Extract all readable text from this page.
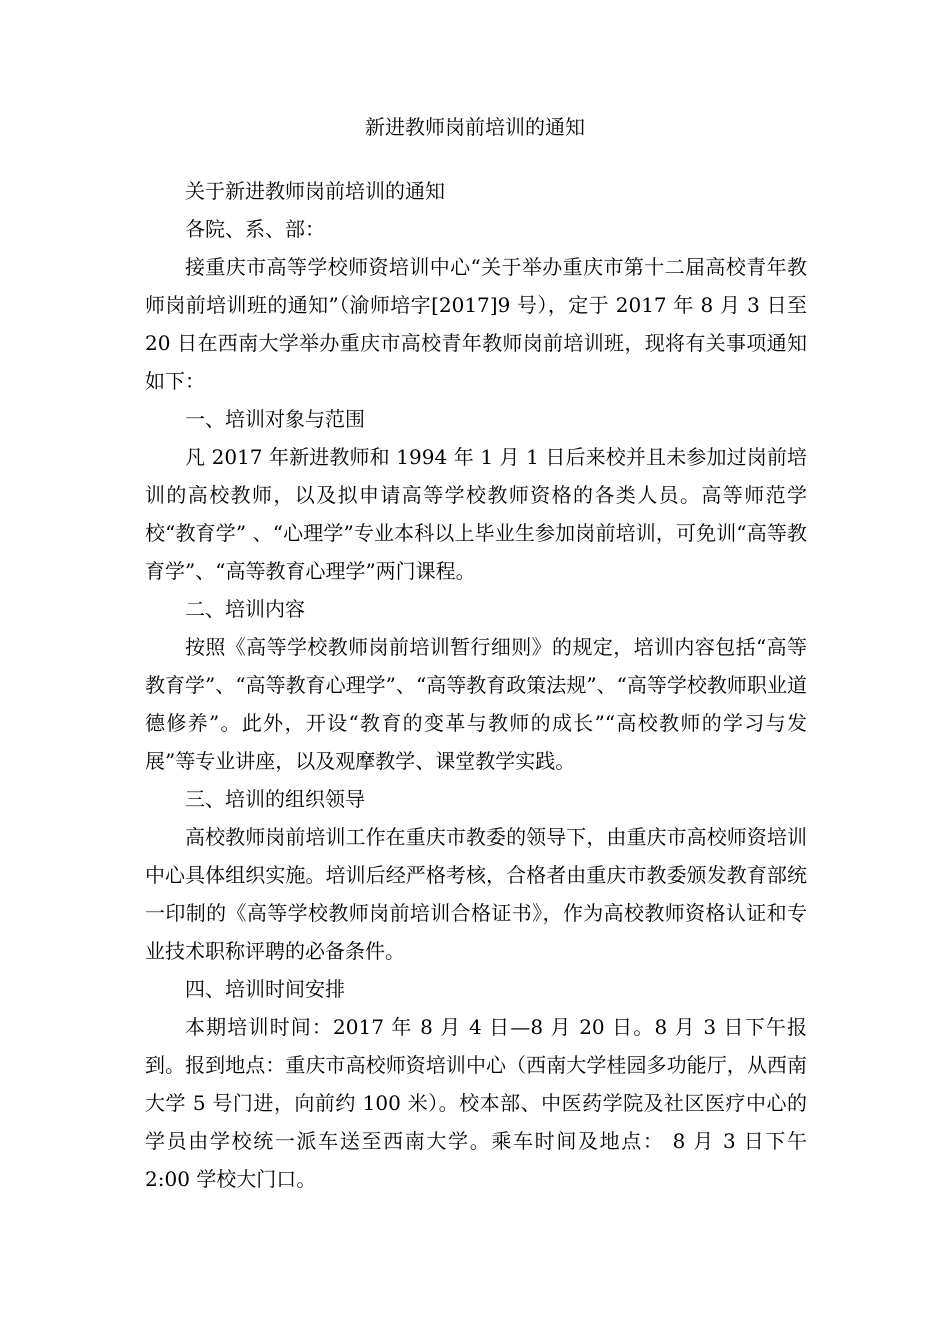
新进教师岗前培训的通知

关于新进教师岗前培训的通知

各院、系、部：

接重庆市高等学校师资培训中心“关于举办重庆市第十二届高校青年教师岗前培训班的通知”（渝师培字[2017]9 号），定于 2017 年 8 月 3 日至 20 日在西南大学举办重庆市高校青年教师岗前培训班，现将有关事项通知如下：

一、培训对象与范围

凡 2017 年新进教师和 1994 年 1 月 1 日后来校并且未参加过岗前培训的高校教师，以及拟申请高等学校教师资格的各类人员。高等师范学校“教育学” 、“心理学”专业本科以上毕业生参加岗前培训，可免训“高等教育学”、“高等教育心理学”两门课程。

二、培训内容

按照《高等学校教师岗前培训暂行细则》的规定，培训内容包括“高等教育学”、“高等教育心理学”、“高等教育政策法规”、“高等学校教师职业道德修养”。此外，开设“教育的变革与教师的成长”“高校教师的学习与发展”等专业讲座，以及观摩教学、课堂教学实践。

三、培训的组织领导

高校教师岗前培训工作在重庆市教委的领导下，由重庆市高校师资培训中心具体组织实施。培训后经严格考核，合格者由重庆市教委颁发教育部统一印制的《高等学校教师岗前培训合格证书》，作为高校教师资格认证和专业技术职称评聘的必备条件。

四、培训时间安排

本期培训时间：2017 年 8 月 4 日—8 月 20 日。8 月 3 日下午报到。报到地点：重庆市高校师资培训中心（西南大学桂园多功能厅，从西南大学 5 号门进，向前约 100 米）。校本部、中医药学院及社区医疗中心的学员由学校统一派车送至西南大学。乘车时间及地点： 8 月 3 日下午 2:00 学校大门口。
